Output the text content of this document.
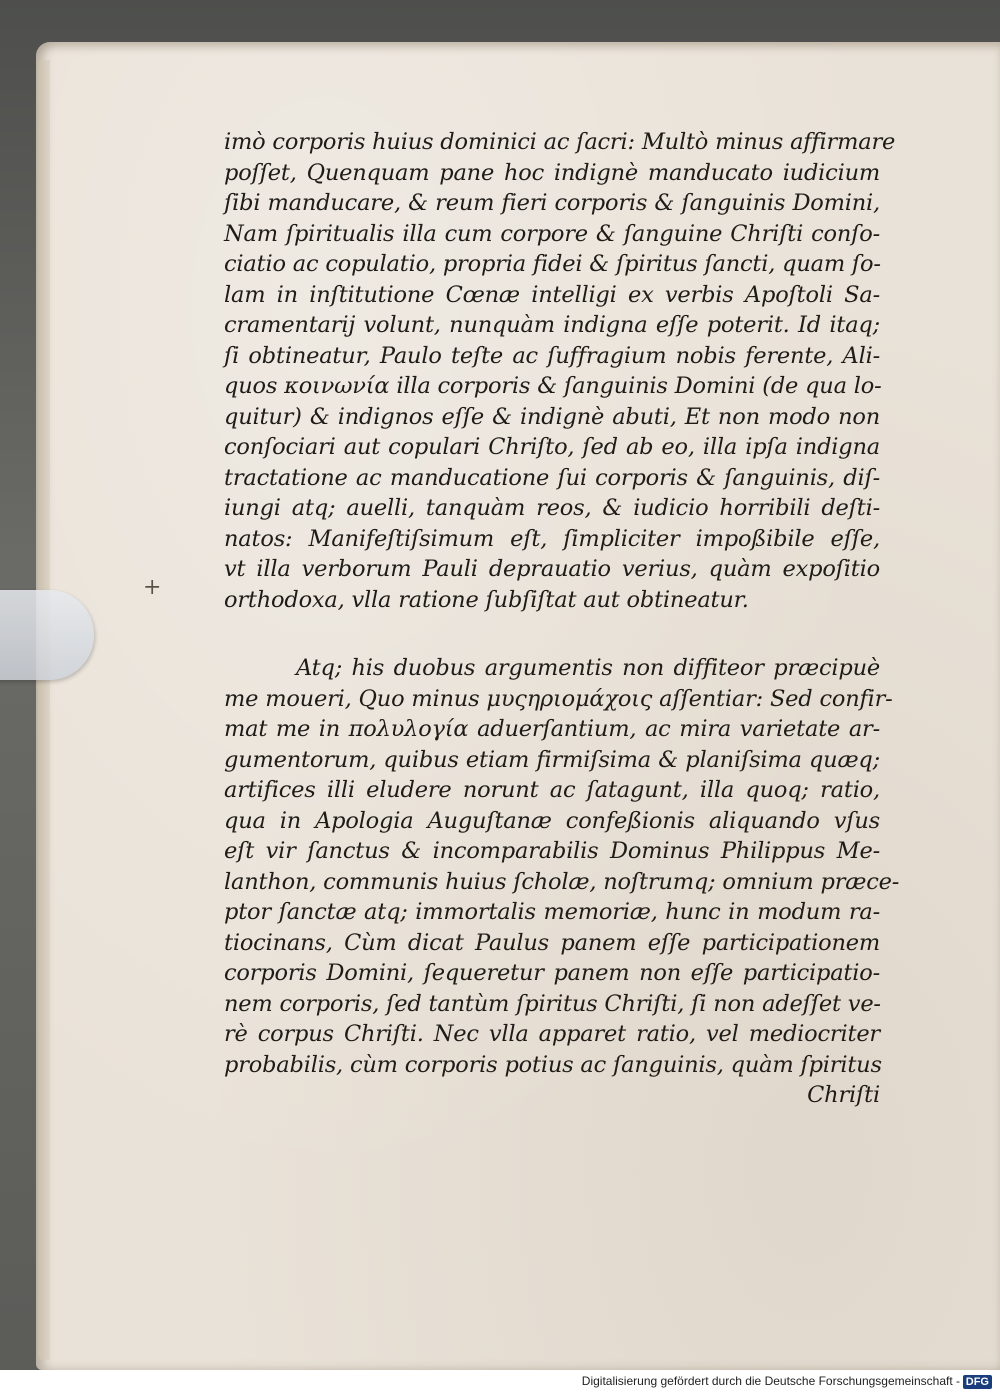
+
imò corporis huius dominici ac ſacri: Multò minus affirmare
poſſet, Quenquam pane hoc indignè manducato iudicium
ſibi manducare, & reum fieri corporis & ſanguinis Domini,
Nam ſpiritualis illa cum corpore & ſanguine Chriſti conſo-
ciatio ac copulatio, propria fidei & ſpiritus ſancti, quam ſo-
lam in inſtitutione Cœnæ intelligi ex verbis Apoſtoli Sa-
cramentarij volunt, nunquàm indigna eſſe poterit. Id itaq;
ſi obtineatur, Paulo teſte ac ſuffragium nobis ferente, Ali-
quos κοινωνία illa corporis & ſanguinis Domini (de qua lo-
quitur) & indignos eſſe & indignè abuti, Et non modo non
conſociari aut copulari Chriſto, ſed ab eo, illa ipſa indigna
tractatione ac manducatione ſui corporis & ſanguinis, diſ-
iungi atq; auelli, tanquàm reos, & iudicio horribili deſti-
natos: Manifeſtiſsimum eſt, ſimpliciter impoßibile eſſe,
vt illa verborum Pauli deprauatio verius, quàm expoſitio
orthodoxa, vlla ratione ſubſiſtat aut obtineatur.
Atq; his duobus argumentis non diffiteor præcipuè
me moueri, Quo minus μυςηριομάχοις aſſentiar: Sed confir-
mat me in πολυλογία aduerſantium, ac mira varietate ar-
gumentorum, quibus etiam firmiſsima & planiſsima quæq;
artifices illi eludere norunt ac ſatagunt, illa quoq; ratio,
qua in Apologia Auguſtanæ confeßionis aliquando vſus
eſt vir ſanctus & incomparabilis Dominus Philippus Me-
lanthon, communis huius ſcholæ, noſtrumq; omnium præce-
ptor ſanctæ atq; immortalis memoriæ, hunc in modum ra-
tiocinans, Cùm dicat Paulus panem eſſe participationem
corporis Domini, ſequeretur panem non eſſe participatio-
nem corporis, ſed tantùm ſpiritus Chriſti, ſi non adeſſet ve-
rè corpus Chriſti. Nec vlla apparet ratio, vel mediocriter
probabilis, cùm corporis potius ac ſanguinis, quàm ſpiritus
Chriſti
Digitalisierung gefördert durch die Deutsche Forschungsgemeinschaft - DFG
